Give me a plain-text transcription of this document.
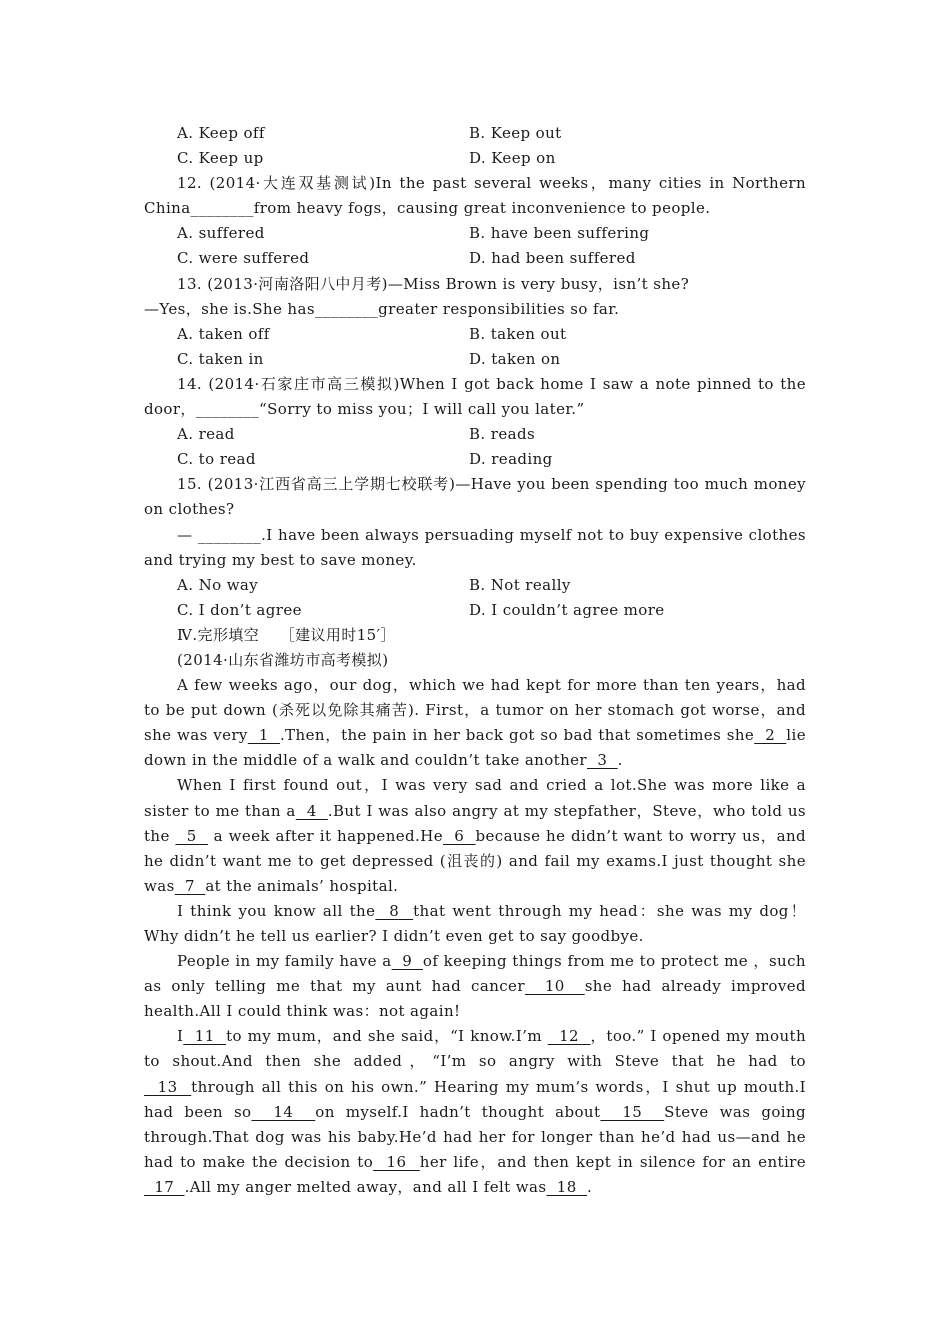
A. Keep off	B. Keep out
C. Keep up	D. Keep on
12. (2014·大连双基测试)In the past several weeks，many cities in Northern China________from heavy fogs，causing great inconvenience to people.
A. suffered	B. have been suffering
C. were suffered	D. had been suffered
13. (2013·河南洛阳八中月考)—Miss Brown is very busy，isn’t she?
—Yes，she is.She has________greater responsibilities so far.
A. taken off	B. taken out
C. taken in	D. taken on
14. (2014·石家庄市高三模拟)When I got back home I saw a note pinned to the door，________“Sorry to miss you；I will call you later.”
A. read	B. reads
C. to read	D. reading
15. (2013·江西省高三上学期七校联考)—Have you been spending too much money on clothes?
— ________.I have been always persuading myself not to buy expensive clothes and trying my best to save money.
A. No way	B. Not really
C. I don’t agree	D. I couldn’t agree more
Ⅳ.完形填空　 ［建议用时15′］
(2014·山东省潍坊市高考模拟)
A few weeks ago，our dog，which we had kept for more than ten years，had to be put down (杀死以免除其痛苦). First，a tumor on her stomach got worse，and she was very  1  .Then，the pain in her back got so bad that sometimes she  2  lie down in the middle of a walk and couldn’t take another  3  .
When I first found out，I was very sad and cried a lot.She was more like a sister to me than a  4  .But I was also angry at my stepfather，Steve，who told us the   5   a week after it happened.He  6  because he didn’t want to worry us，and he didn’t want me to get depressed (沮丧的) and fail my exams.I just thought she was  7  at the animals’ hospital.
I think you know all the  8  that went through my head：she was my dog！Why didn’t he tell us earlier? I didn’t even get to say goodbye.
People in my family have a  9  of keeping things from me to protect me ，such as only telling me that my aunt had cancer  10  she had already improved health.All I could think was：not again!
I  11  to my mum，and she said，“I know.I’m   12  ，too.” I opened my mouth to shout.And then she added，“I’m so angry with Steve that he had to  13  through all this on his own.” Hearing my mum’s words，I shut up mouth.I had been so  14  on myself.I hadn’t thought about  15  Steve was going through.That dog was his baby.He’d had her for longer than he’d had us—and he had to make the decision to  16  her life，and then kept in silence for an entire  17  .All my anger melted away，and all I felt was  18  .
